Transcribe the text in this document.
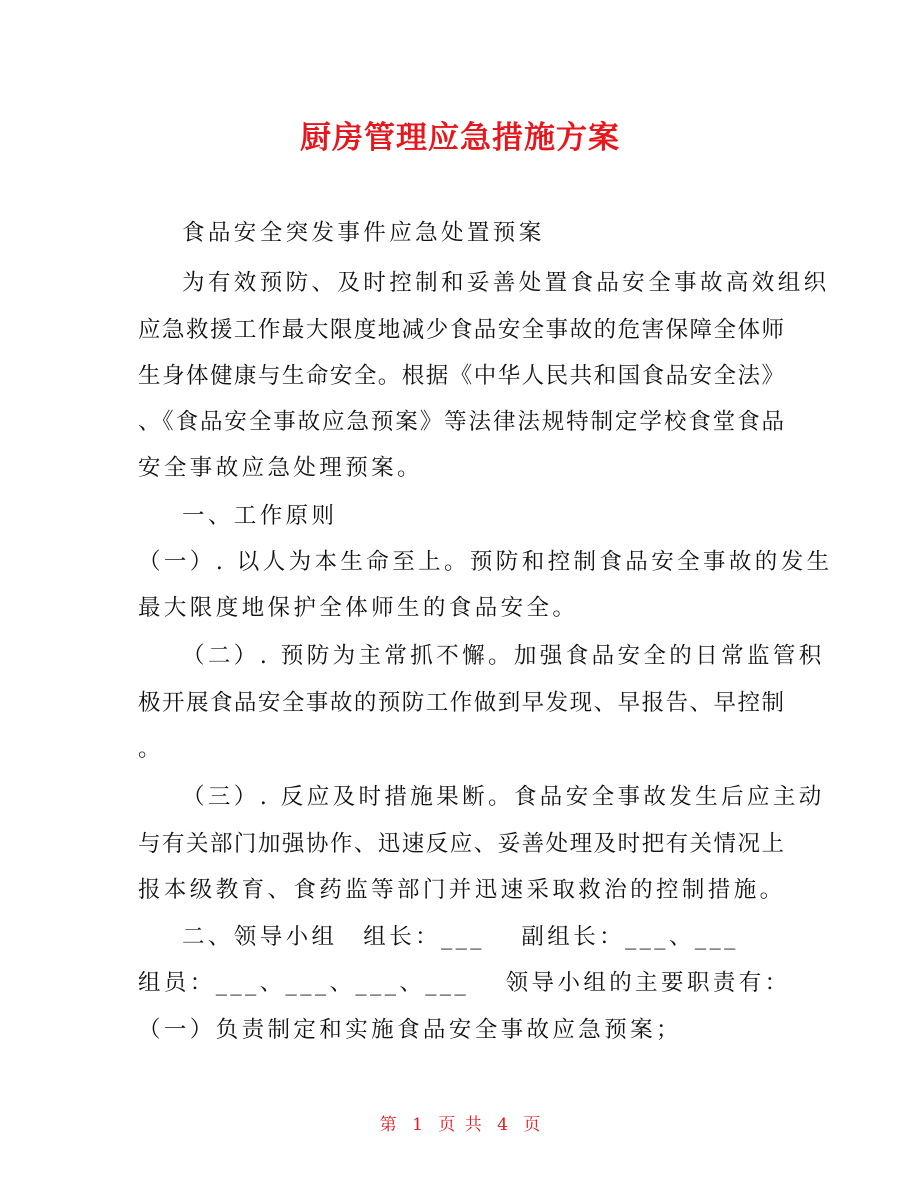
厨房管理应急措施方案
食品安全突发事件应急处置预案
为有效预防、及时控制和妥善处置食品安全事故高效组织
应急救援工作最大限度地减少食品安全事故的危害保障全体师
生身体健康与生命安全。根据《中华人民共和国食品安全法》
、《食品安全事故应急预案》等法律法规特制定学校食堂食品
安全事故应急处理预案。
一、工作原则
（一）. 以人为本生命至上。预防和控制食品安全事故的发生
最大限度地保护全体师生的食品安全。
（二）. 预防为主常抓不懈。加强食品安全的日常监管积
极开展食品安全事故的预防工作做到早发现、早报告、早控制
。
（三）. 反应及时措施果断。食品安全事故发生后应主动
与有关部门加强协作、迅速反应、妥善处理及时把有关情况上
报本级教育、食药监等部门并迅速采取救治的控制措施。
二、领导小组　组长：___　 副组长：___、___
组员：___、___、___、___　 领导小组的主要职责有：
（一）负责制定和实施食品安全事故应急预案；
第 1 页 共 4 页
